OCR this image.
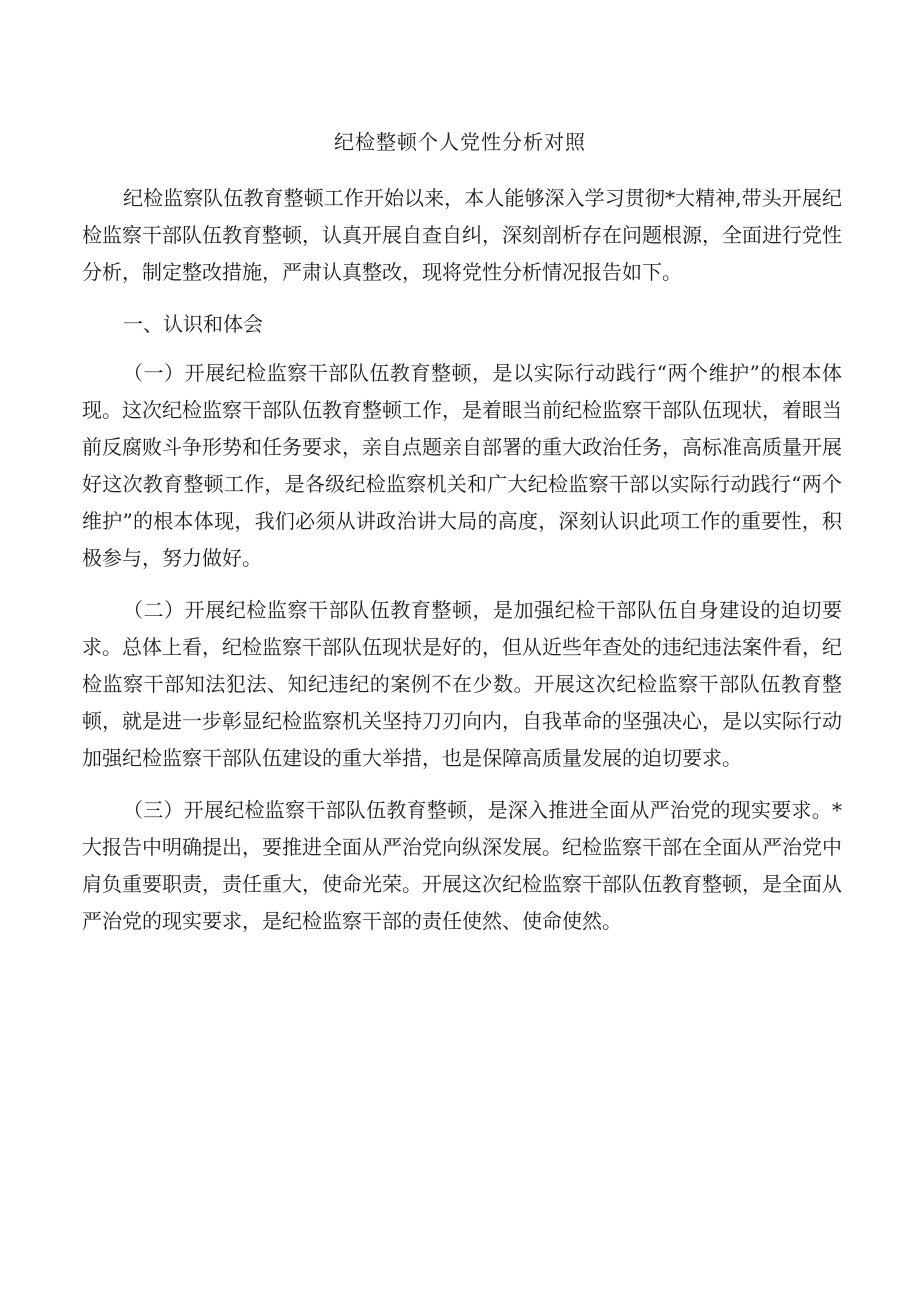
纪检整顿个人党性分析对照

纪检监察队伍教育整顿工作开始以来，本人能够深入学习贯彻*大精神,带头开展纪检监察干部队伍教育整顿，认真开展自查自纠，深刻剖析存在问题根源，全面进行党性分析，制定整改措施，严肃认真整改，现将党性分析情况报告如下。

一、认识和体会

（一）开展纪检监察干部队伍教育整顿，是以实际行动践行“两个维护”的根本体现。这次纪检监察干部队伍教育整顿工作，是着眼当前纪检监察干部队伍现状，着眼当前反腐败斗争形势和任务要求，亲自点题亲自部署的重大政治任务，高标准高质量开展好这次教育整顿工作，是各级纪检监察机关和广大纪检监察干部以实际行动践行“两个维护”的根本体现，我们必须从讲政治讲大局的高度，深刻认识此项工作的重要性，积极参与，努力做好。

（二）开展纪检监察干部队伍教育整顿，是加强纪检干部队伍自身建设的迫切要求。总体上看，纪检监察干部队伍现状是好的，但从近些年查处的违纪违法案件看，纪检监察干部知法犯法、知纪违纪的案例不在少数。开展这次纪检监察干部队伍教育整顿，就是进一步彰显纪检监察机关坚持刀刃向内，自我革命的坚强决心，是以实际行动加强纪检监察干部队伍建设的重大举措，也是保障高质量发展的迫切要求。

（三）开展纪检监察干部队伍教育整顿，是深入推进全面从严治党的现实要求。*大报告中明确提出，要推进全面从严治党向纵深发展。纪检监察干部在全面从严治党中肩负重要职责，责任重大，使命光荣。开展这次纪检监察干部队伍教育整顿，是全面从严治党的现实要求，是纪检监察干部的责任使然、使命使然。
